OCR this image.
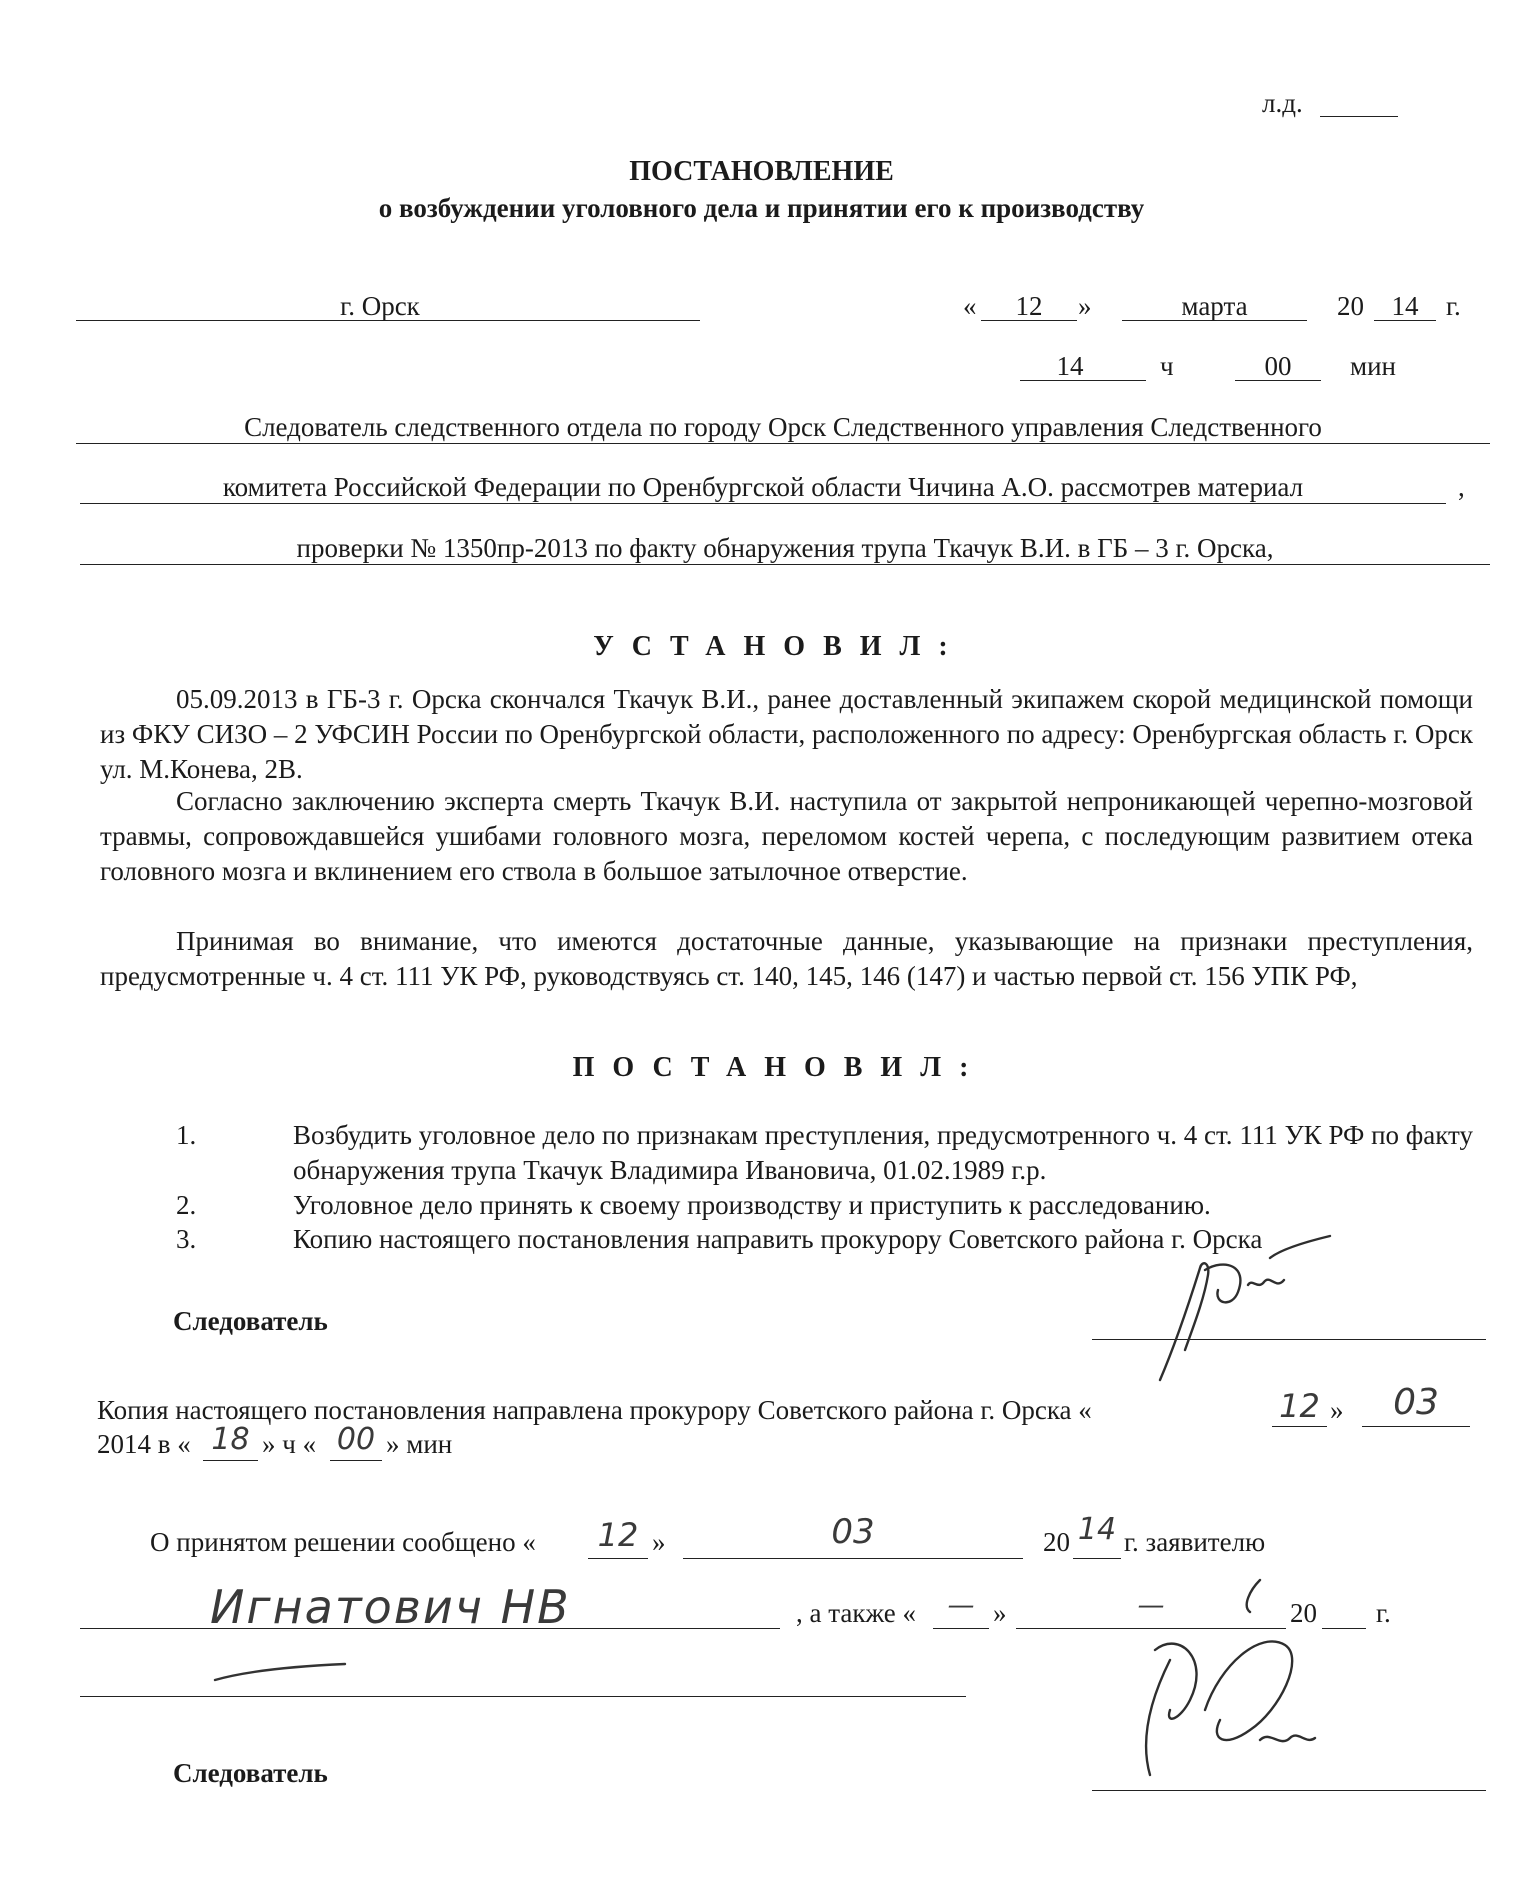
л.д.
ПОСТАНОВЛЕНИЕ
о возбуждении уголовного дела и принятии его к производству
г. Орск	«	12	»	марта	20	14	г.
14	ч	00	мин
Следователь следственного отдела по городу Орск Следственного управления Следственного
комитета Российской Федерации по Оренбургской области Чичина А.О. рассмотрев материал	,
проверки № 1350пр-2013 по факту обнаружения трупа Ткачук В.И. в ГБ – 3 г. Орска,
УСТАНОВИЛ:
05.09.2013 в ГБ-3 г. Орска скончался Ткачук В.И., ранее доставленный экипажем скорой медицинской помощи из ФКУ СИЗО – 2 УФСИН России по Оренбургской области, расположенного по адресу: Оренбургская область г. Орск ул. М.Конева, 2В.
Согласно заключению эксперта смерть Ткачук В.И. наступила от закрытой непроникающей черепно-мозговой травмы, сопровождавшейся ушибами головного мозга, переломом костей черепа, с последующим развитием отека головного мозга и вклинением его ствола в большое затылочное отверстие.
Принимая во внимание, что имеются достаточные данные, указывающие на признаки преступления, предусмотренные ч. 4 ст. 111 УК РФ, руководствуясь ст. 140, 145, 146 (147) и частью первой ст. 156 УПК РФ,
ПОСТАНОВИЛ:
1.	Возбудить уголовное дело по признакам преступления, предусмотренного ч. 4 ст. 111 УК РФ по факту обнаружения трупа Ткачук Владимира Ивановича, 01.02.1989 г.р.
2.	Уголовное дело принять к своему производству и приступить к расследованию.
3.	Копию настоящего постановления направить прокурору Советского района г. Орска
Следователь
Копия настоящего постановления направлена прокурору Советского района г. Орска «	12 »	03
2014 в « 18 » ч « 00 » мин
О принятом решении сообщено «	12 »	03	20 14 г. заявителю
Игнатович НВ	, а также «	— »	—	20 г.
Следователь
